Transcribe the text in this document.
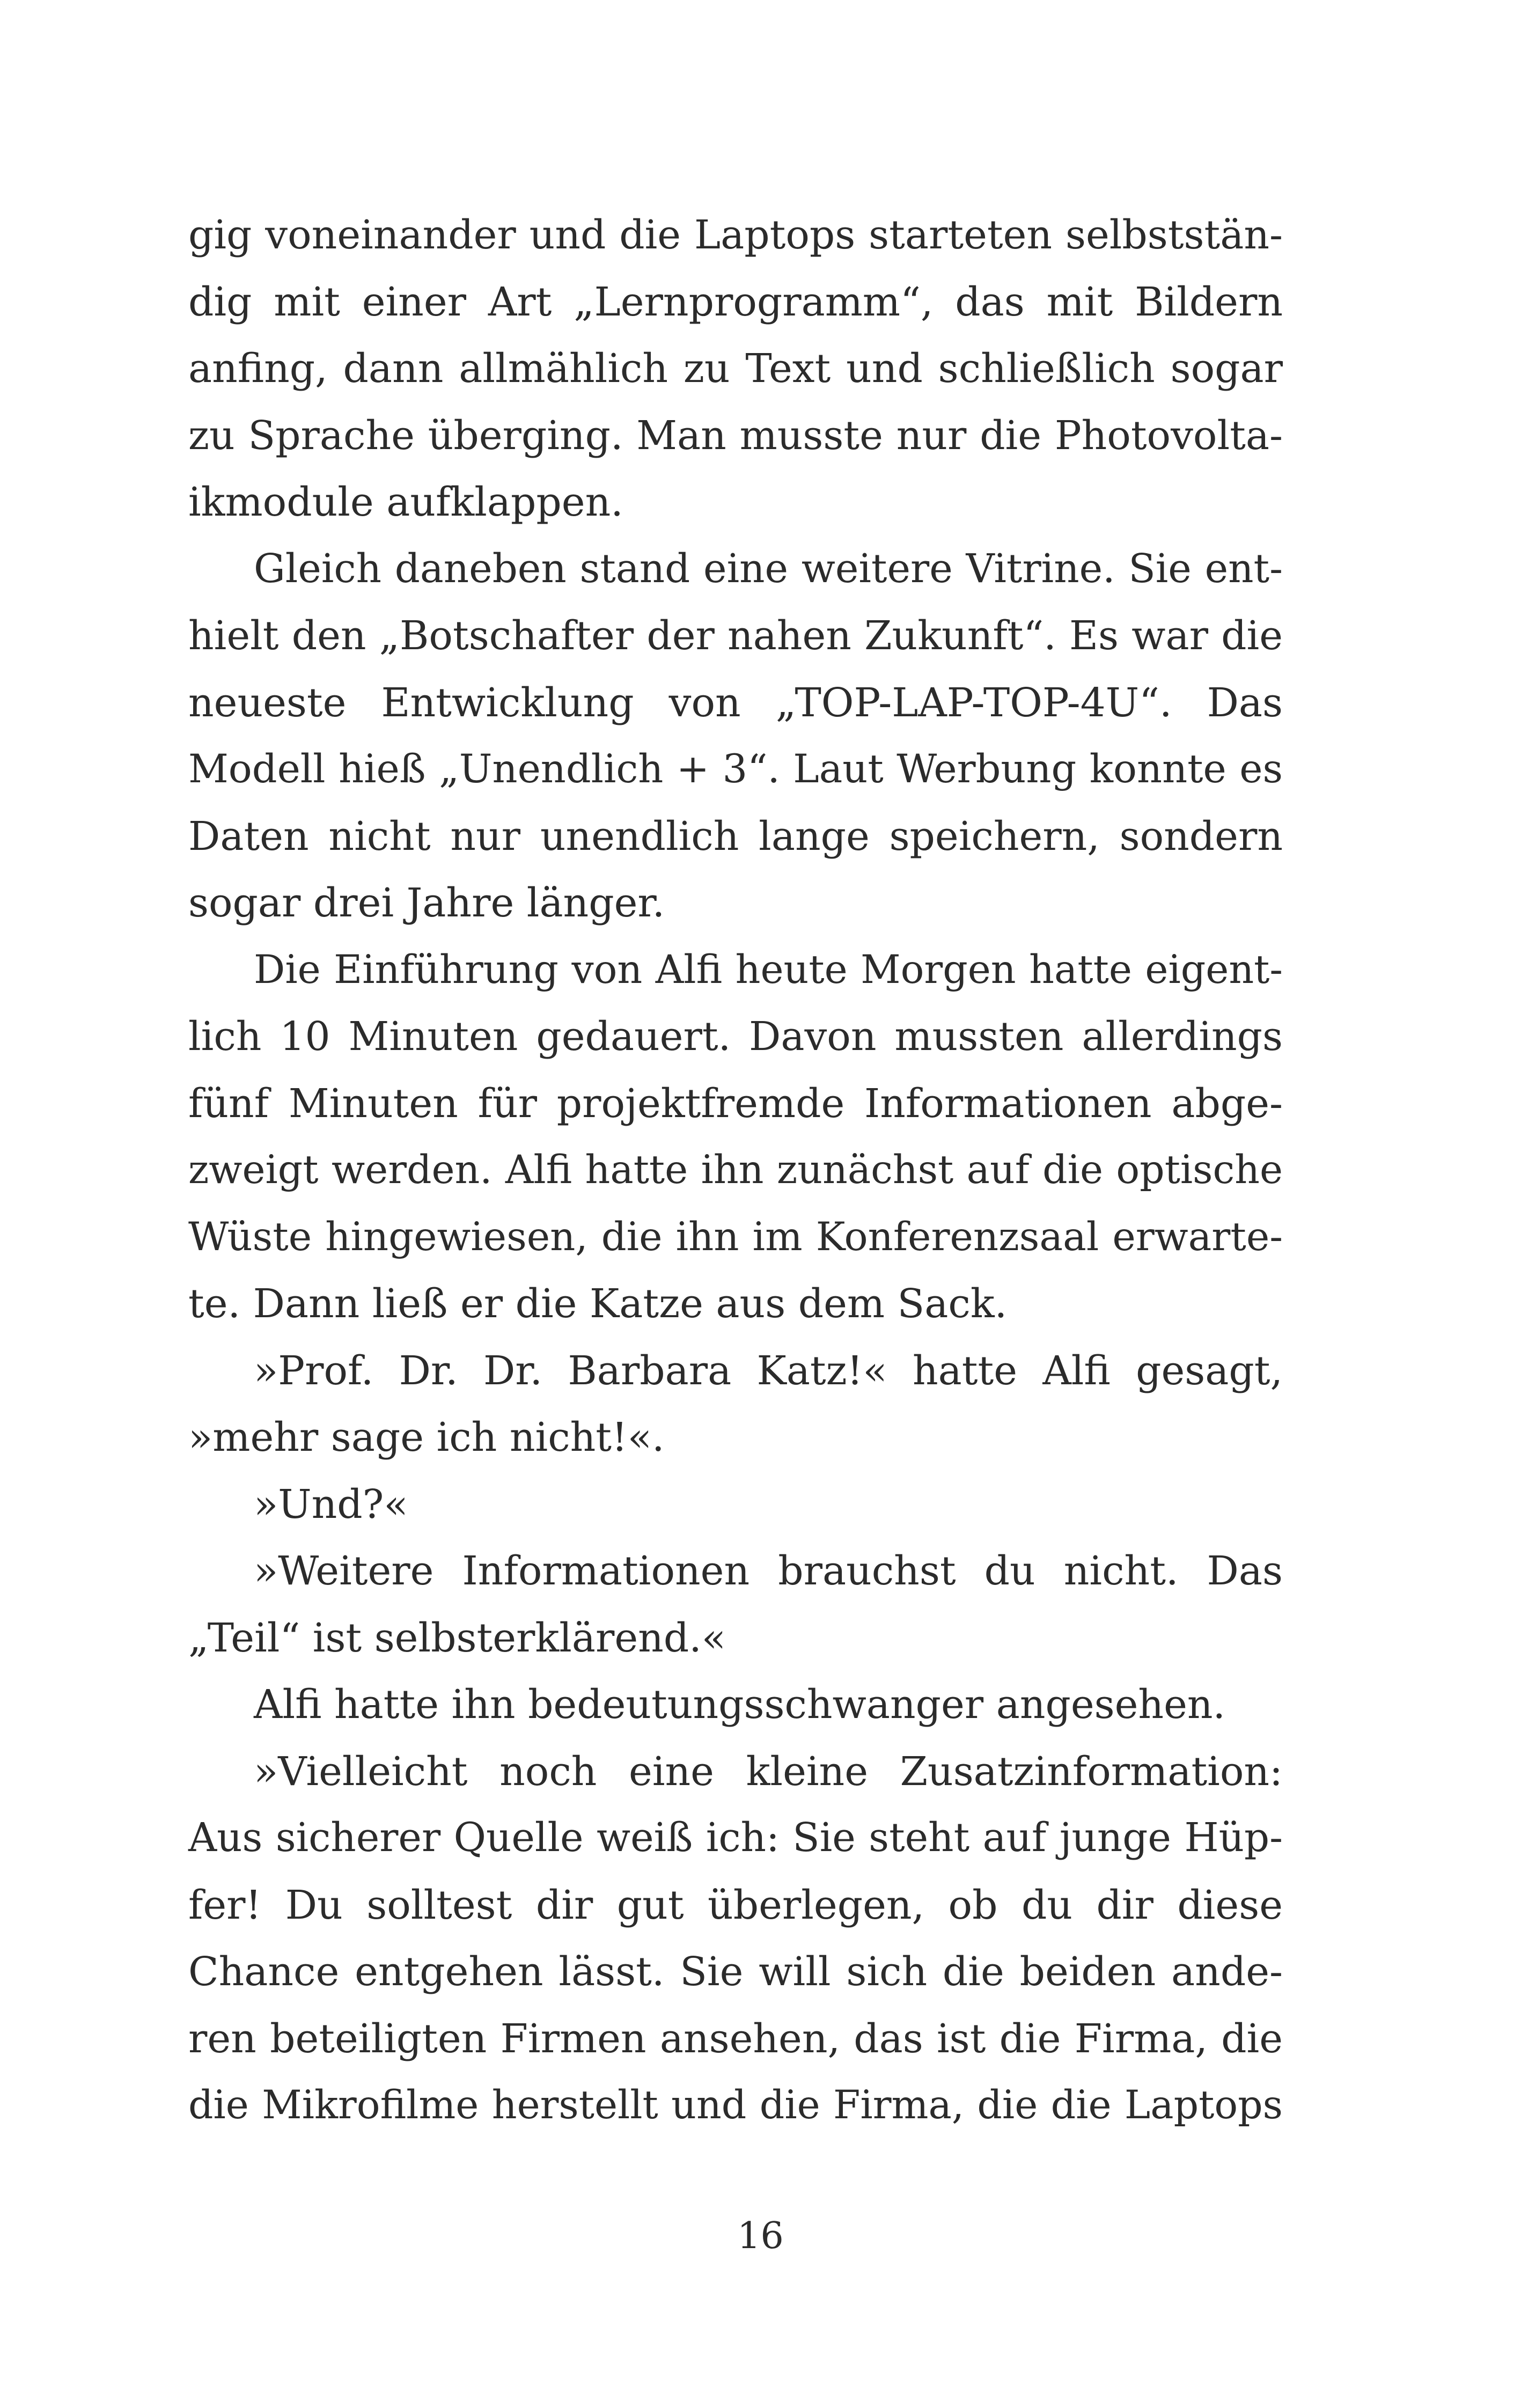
gig voneinander und die Laptops starteten selbststän-
dig mit einer Art „Lernprogramm“, das mit Bildern
anfing, dann allmählich zu Text und schließlich sogar
zu Sprache überging. Man musste nur die Photovolta-
ikmodule aufklappen.
Gleich daneben stand eine weitere Vitrine. Sie ent-
hielt den „Botschafter der nahen Zukunft“. Es war die
neueste Entwicklung von „TOP-LAP-TOP-4U“. Das
Modell hieß „Unendlich + 3“. Laut Werbung konnte es
Daten nicht nur unendlich lange speichern, sondern
sogar drei Jahre länger.
Die Einführung von Alfi heute Morgen hatte eigent-
lich 10 Minuten gedauert. Davon mussten allerdings
fünf Minuten für projektfremde Informationen abge-
zweigt werden. Alfi hatte ihn zunächst auf die optische
Wüste hingewiesen, die ihn im Konferenzsaal erwarte-
te. Dann ließ er die Katze aus dem Sack.
»Prof. Dr. Dr. Barbara Katz!« hatte Alfi gesagt,
»mehr sage ich nicht!«.
»Und?«
»Weitere Informationen brauchst du nicht. Das
„Teil“ ist selbsterklärend.«
Alfi hatte ihn bedeutungsschwanger angesehen.
»Vielleicht noch eine kleine Zusatzinformation:
Aus sicherer Quelle weiß ich: Sie steht auf junge Hüp-
fer! Du solltest dir gut überlegen, ob du dir diese
Chance entgehen lässt. Sie will sich die beiden ande-
ren beteiligten Firmen ansehen, das ist die Firma, die
die Mikrofilme herstellt und die Firma, die die Laptops
16
